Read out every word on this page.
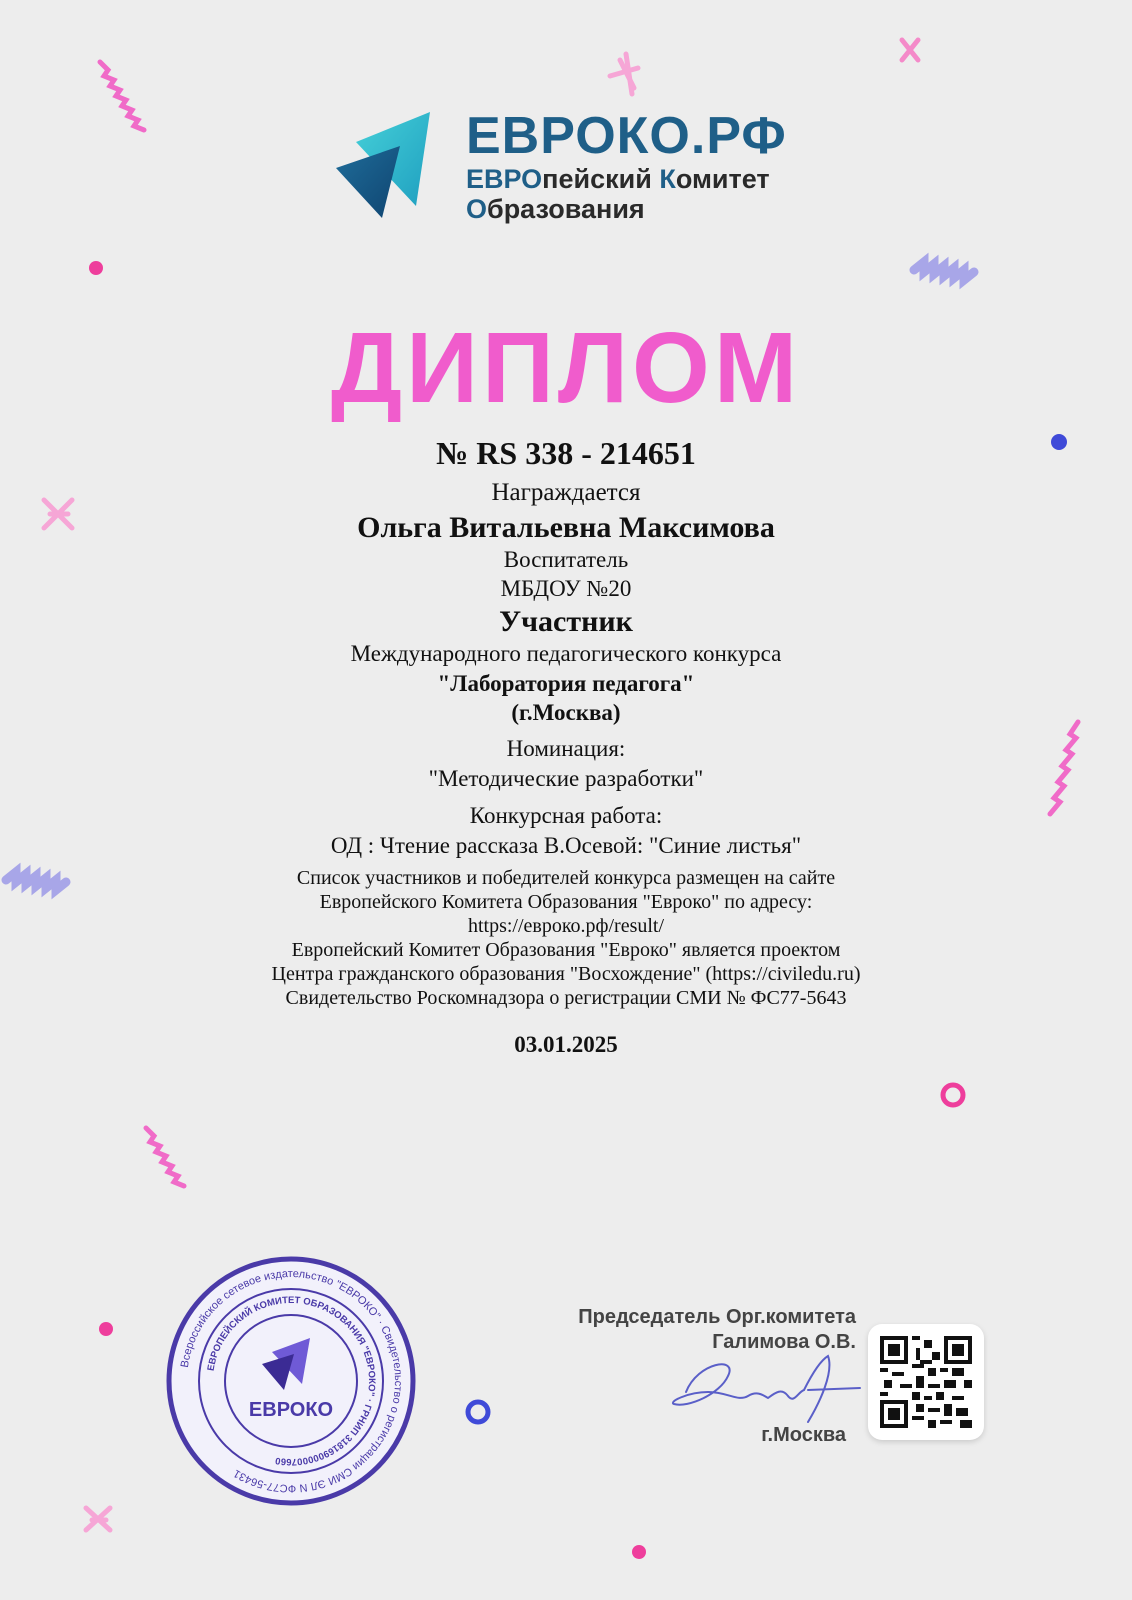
ЕВРОКО.РФ
ЕВРОпейский Комитет
Образования
ДИПЛОМ
№ RS 338 - 214651
Награждается
Ольга Витальевна Максимова
Воспитатель
МБДОУ №20
Участник
Международного педагогического конкурса
"Лаборатория педагога"
(г.Москва)
Номинация:
"Методические разработки"
Конкурсная работа:
ОД : Чтение рассказа В.Осевой: "Синие листья"
Список участников и победителей конкурса размещен на сайте
Европейского Комитета Образования "Евроко" по адресу:
https://евроко.рф/result/
Европейский Комитет Образования "Евроко" является проектом
Центра гражданского образования "Восхождение" (https://civiledu.ru)
Свидетельство Роскомнадзора о регистрации СМИ № ФС77-5643
03.01.2025
Всероссийское сетевое издательство "ЕВРОКО" · Свидетельство о регистрации СМИ ЭЛ N ФС77-56431
ЕВРОПЕЙСКИЙ КОМИТЕТ ОБРАЗОВАНИЯ "ЕВРОКО" · ГРНИП 318169000007660
ЕВРОКО
Председатель Орг.комитета
Галимова О.В.
г.Москва
